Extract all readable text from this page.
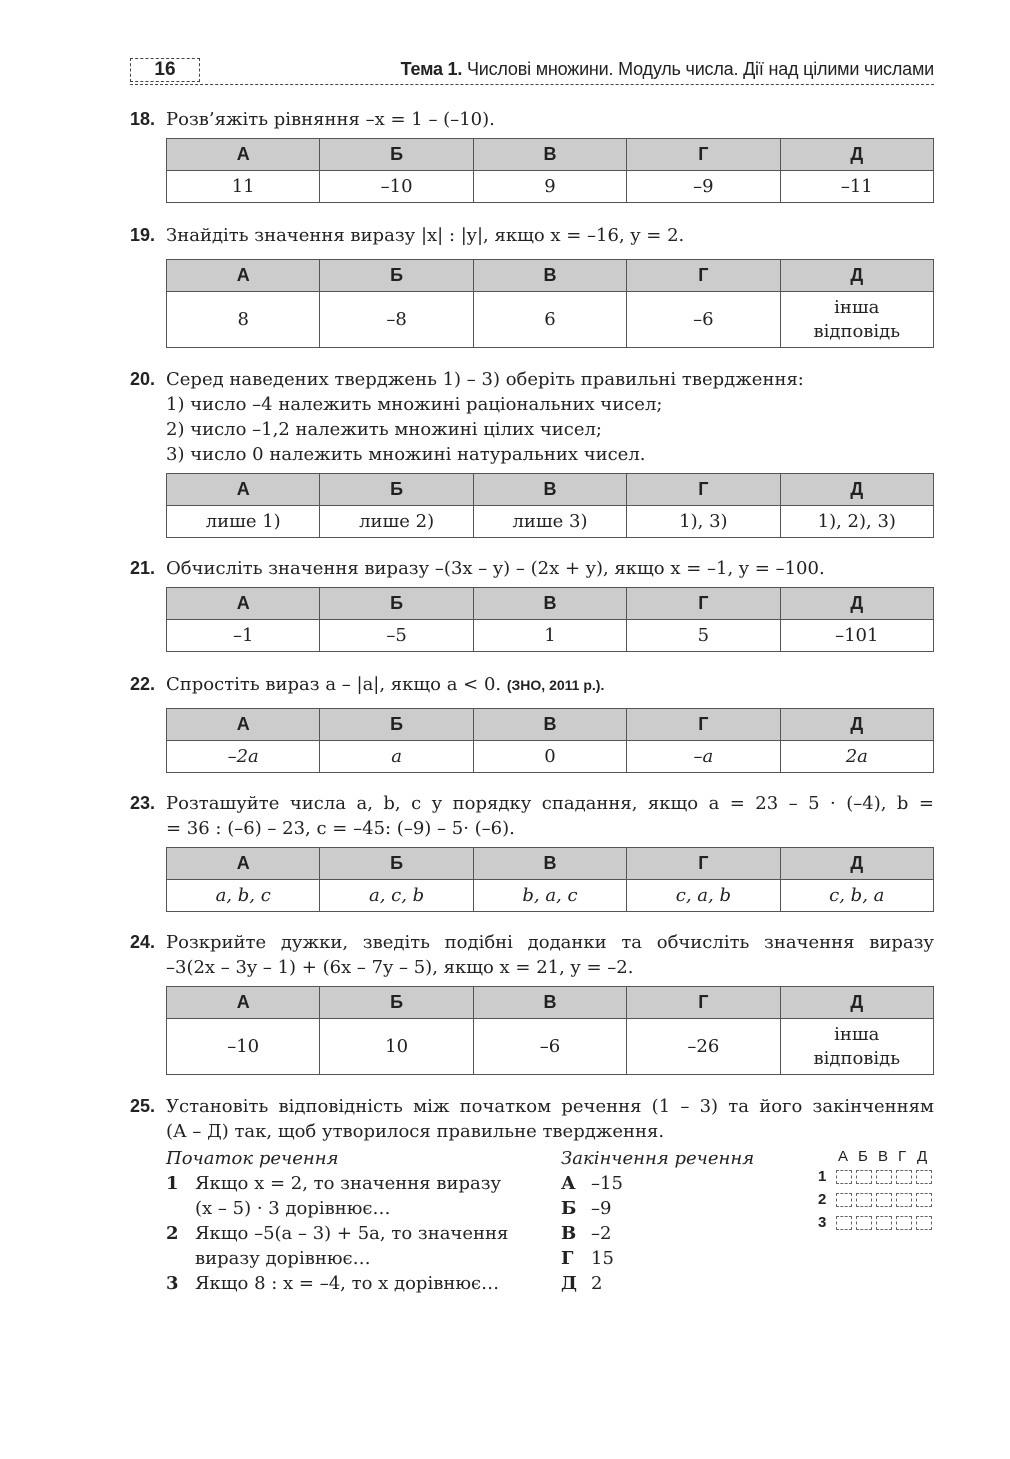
16	Тема 1. Числові множини. Модуль числа. Дії над цілими числами
18. Розв’яжіть рівняння –x = 1 – (–10).
А	Б	В	Г	Д
11	–10	9	–9	–11
19. Знайдіть значення виразу |x| : |y|, якщо x = –16, y = 2.
А	Б	В	Г	Д
8	–8	6	–6	інша відповідь
20. Серед наведених тверджень 1) – 3) оберіть правильні твердження:
1) число –4 належить множині раціональних чисел;
2) число –1,2 належить множині цілих чисел;
3) число 0 належить множині натуральних чисел.
А	Б	В	Г	Д
лише 1)	лише 2)	лише 3)	1), 3)	1), 2), 3)
21. Обчисліть значення виразу –(3x – y) – (2x + y), якщо x = –1, y = –100.
А	Б	В	Г	Д
–1	–5	1	5	–101
22. Спростіть вираз a – |a|, якщо a < 0. (ЗНО, 2011 р.).
А	Б	В	Г	Д
–2a	a	0	–a	2a
23. Розташуйте числа a, b, c у порядку спадання, якщо a = 23 – 5 · (–4), b =
= 36 : (–6) – 23, c = –45: (–9) – 5· (–6).
А	Б	В	Г	Д
a, b, c	a, c, b	b, a, c	c, a, b	c, b, a
24. Розкрийте дужки, зведіть подібні доданки та обчисліть значення виразу
–3(2x – 3y – 1) + (6x – 7y – 5), якщо x = 21, y = –2.
А	Б	В	Г	Д
–10	10	–6	–26	інша відповідь
25. Установіть відповідність між початком речення (1 – 3) та його закінченням
(А – Д) так, щоб утворилося правильне твердження.
Початок речення	Закінчення речення
1 Якщо x = 2, то значення виразу
(x – 5) · 3 дорівнює…
2 Якщо –5(a – 3) + 5a, то значення
виразу дорівнює…
3 Якщо 8 : x = –4, то x дорівнює…
А –15
Б –9
В –2
Г 15
Д 2
А Б В Г Д
1
2
3
